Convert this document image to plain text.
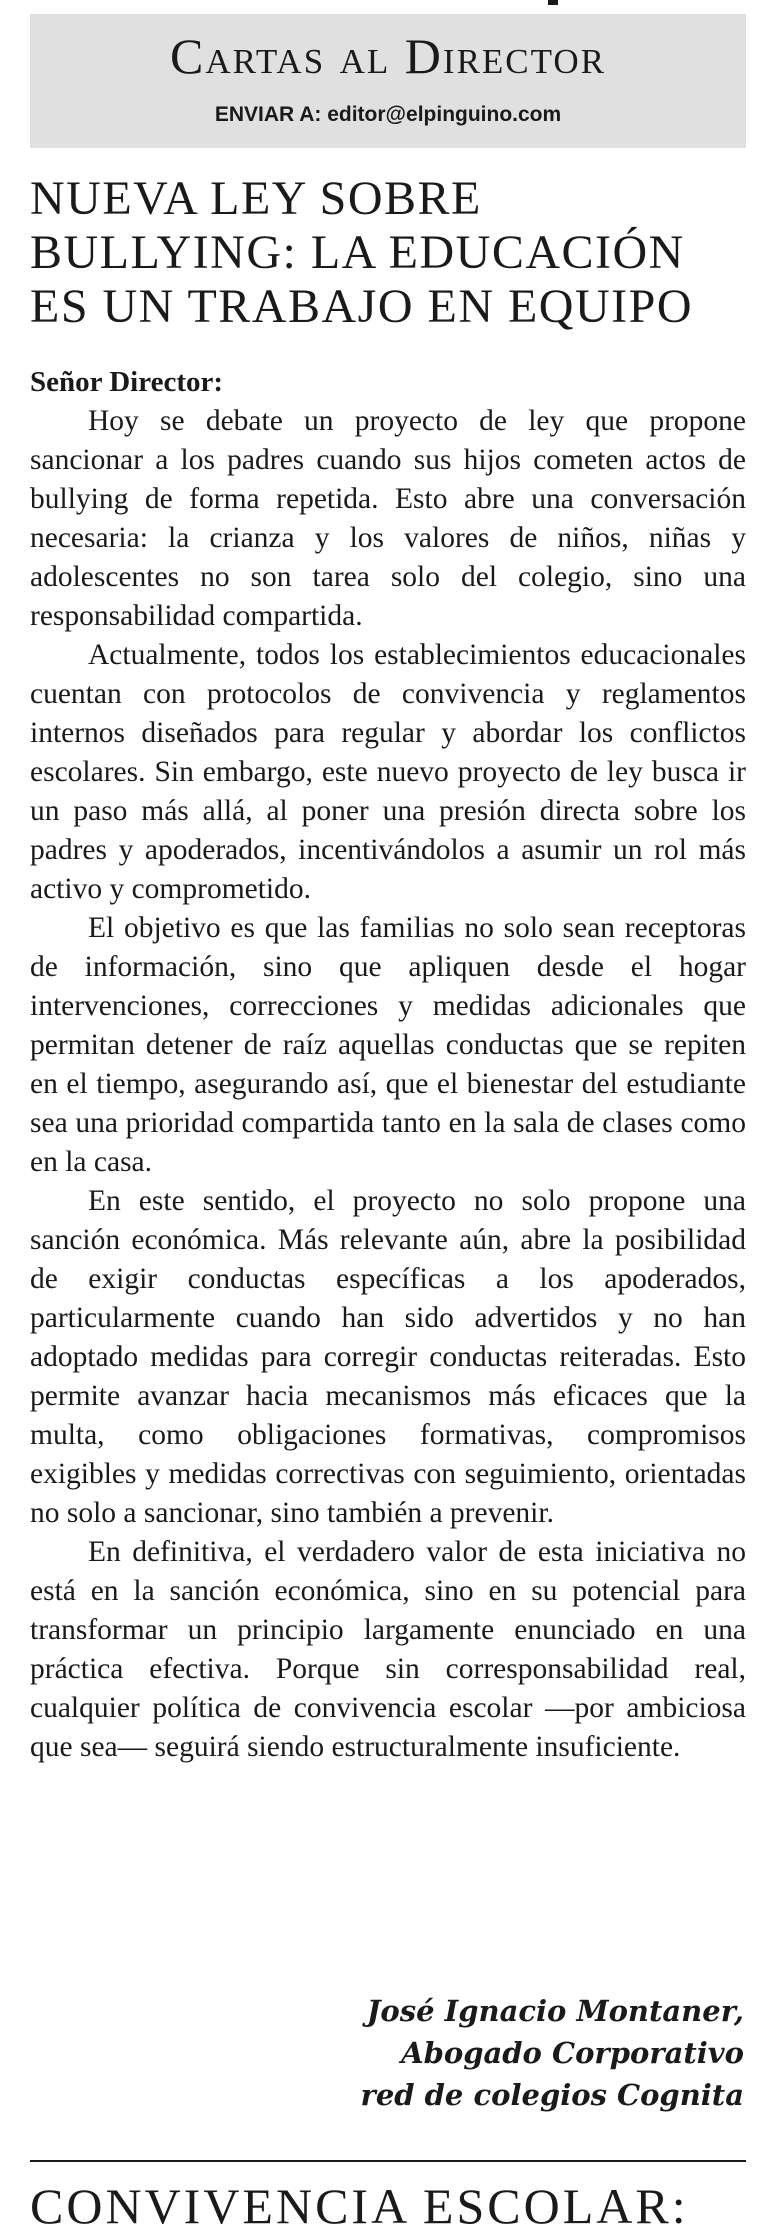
Cartas al Director
ENVIAR A: editor@elpinguino.com
NUEVA LEY SOBRE
BULLYING: LA EDUCACIÓN
ES UN TRABAJO EN EQUIPO

Señor Director:

Hoy se debate un proyecto de ley que propone sancionar a los padres cuando sus hijos cometen actos de bullying de forma repetida. Esto abre una conversación necesaria: la crianza y los valores de niños, niñas y adolescentes no son tarea solo del colegio, sino una responsabilidad compartida.

Actualmente, todos los establecimientos educacionales cuentan con protocolos de convivencia y reglamentos internos diseñados para regular y abordar los conflictos escolares. Sin embargo, este nuevo proyecto de ley busca ir un paso más allá, al poner una presión directa sobre los padres y apoderados, incentivándolos a asumir un rol más activo y comprometido.

El objetivo es que las familias no solo sean receptoras de información, sino que apliquen desde el hogar intervenciones, correcciones y medidas adicionales que permitan detener de raíz aquellas conductas que se repiten en el tiempo, asegurando así, que el bienestar del estudiante sea una prioridad compartida tanto en la sala de clases como en la casa.

En este sentido, el proyecto no solo propone una sanción económica. Más relevante aún, abre la posibilidad de exigir conductas específicas a los apoderados, particularmente cuando han sido advertidos y no han adoptado medidas para corregir conductas reiteradas. Esto permite avanzar hacia mecanismos más eficaces que la multa, como obligaciones formativas, compromisos exigibles y medidas correctivas con seguimiento, orientadas no solo a sancionar, sino también a prevenir.

En definitiva, el verdadero valor de esta iniciativa no está en la sanción económica, sino en su potencial para transformar un principio largamente enunciado en una práctica efectiva. Porque sin corresponsabilidad real, cualquier política de convivencia escolar —por ambiciosa que sea— seguirá siendo estructuralmente insuficiente.

José Ignacio Montaner,
Abogado Corporativo
red de colegios Cognita
CONVIVENCIA ESCOLAR:
